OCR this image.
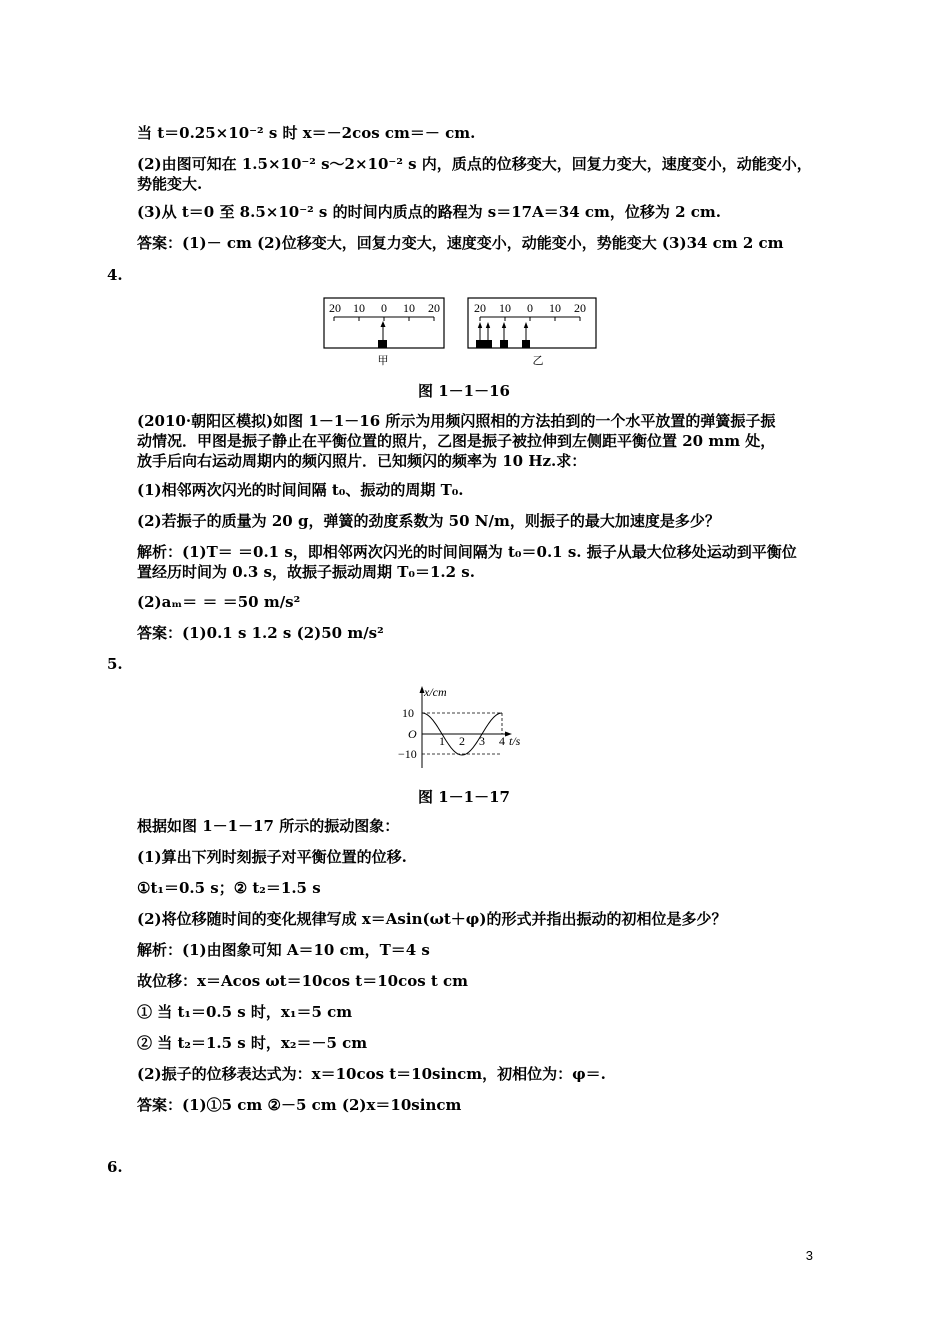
当 t＝0.25×10⁻² s 时 x＝－2cos cm＝－ cm.
(2)由图可知在 1.5×10⁻² s～2×10⁻² s 内，质点的位移变大，回复力变大，速度变小，动能变小，
势能变大.
(3)从 t＝0 至 8.5×10⁻² s 的时间内质点的路程为 s＝17A＝34 cm，位移为 2 cm.
答案：(1)－ cm (2)位移变大，回复力变大，速度变小，动能变小，势能变大 (3)34 cm 2 cm
4.
20 10 0 10 20
甲
20 10 0 10 20
乙
图 1－1－16
(2010·朝阳区模拟)如图 1－1－16 所示为用频闪照相的方法拍到的一个水平放置的弹簧振子振
动情况．甲图是振子静止在平衡位置的照片，乙图是振子被拉伸到左侧距平衡位置 20 mm 处，
放手后向右运动周期内的频闪照片．已知频闪的频率为 10 Hz.求：
(1)相邻两次闪光的时间间隔 t₀、振动的周期 T₀.
(2)若振子的质量为 20 g，弹簧的劲度系数为 50 N/m，则振子的最大加速度是多少？
解析：(1)T＝ ＝0.1 s，即相邻两次闪光的时间间隔为 t₀＝0.1 s. 振子从最大位移处运动到平衡位
置经历时间为 0.3 s，故振子振动周期 T₀＝1.2 s.
(2)aₘ＝ ＝ ＝50 m/s²
答案：(1)0.1 s 1.2 s (2)50 m/s²
5.
x/cm
10
−10
O 1 2 3 4 t/s
图 1－1－17
根据如图 1－1－17 所示的振动图象：
(1)算出下列时刻振子对平衡位置的位移.
①t₁＝0.5 s；② t₂＝1.5 s
(2)将位移随时间的变化规律写成 x＝Asin(ωt＋φ)的形式并指出振动的初相位是多少？
解析：(1)由图象可知 A＝10 cm，T＝4 s
故位移：x＝Acos ωt＝10cos t＝10cos t cm
① 当 t₁＝0.5 s 时，x₁＝5 cm
② 当 t₂＝1.5 s 时，x₂＝－5 cm
(2)振子的位移表达式为：x＝10cos t＝10sincm，初相位为：φ＝.
答案：(1)①5 cm ②－5 cm (2)x＝10sincm
6.
3
